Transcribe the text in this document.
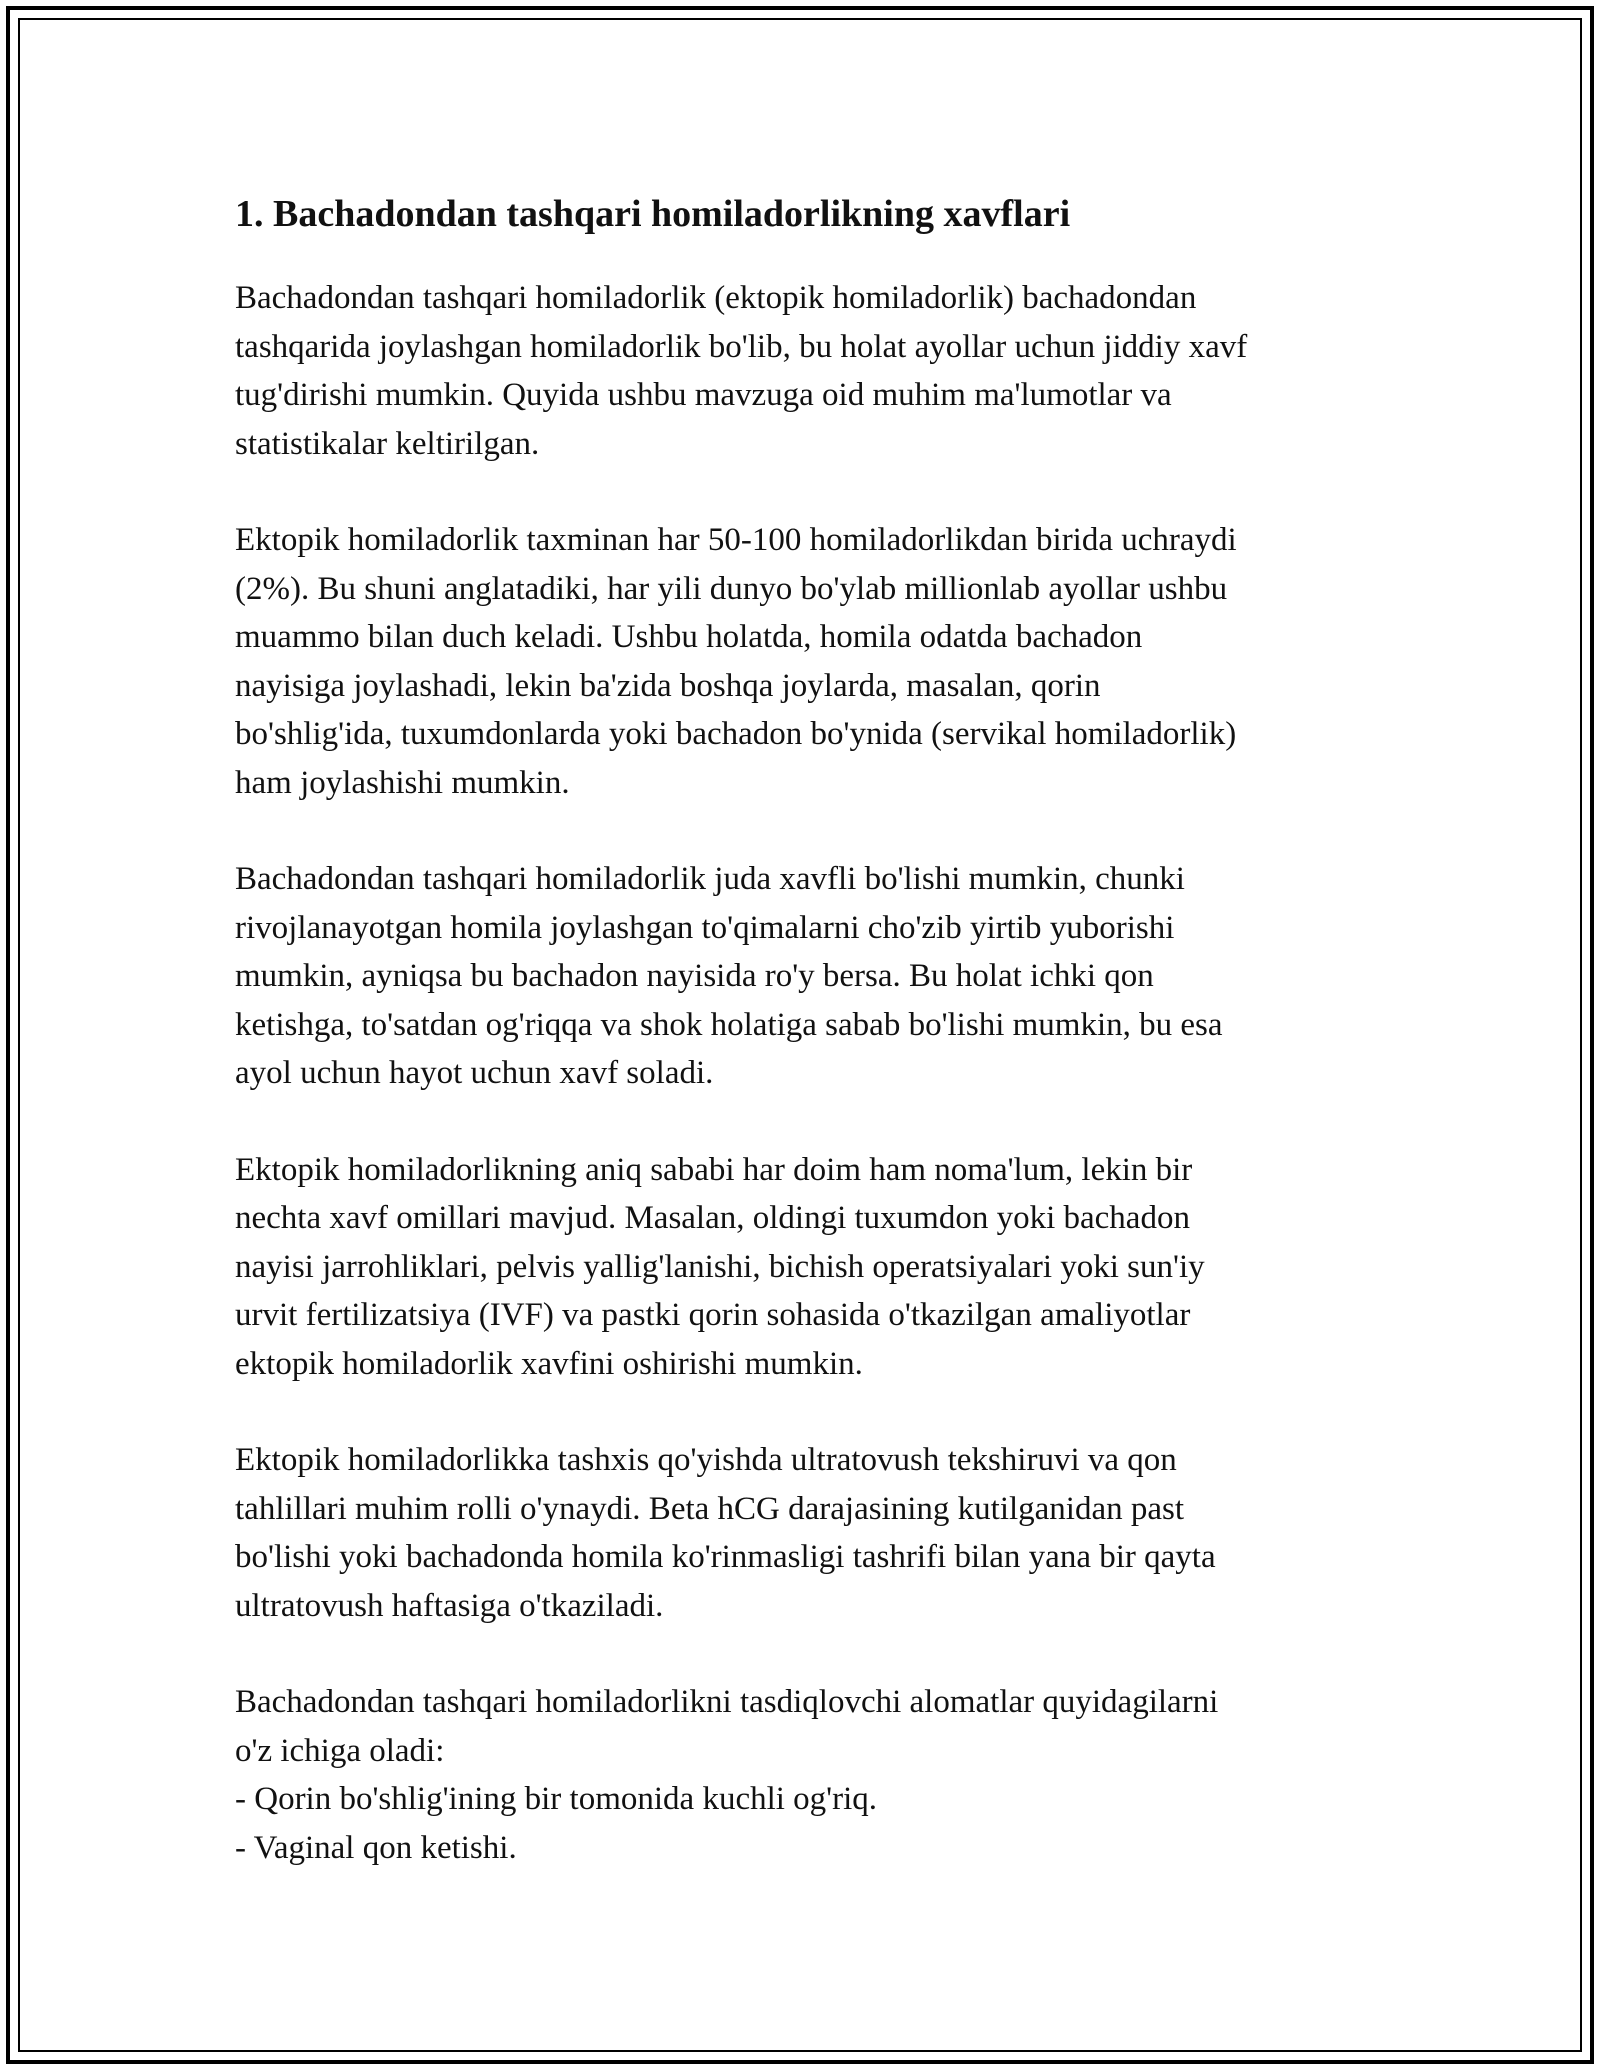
1. Bachadondan tashqari homiladorlikning xavflari

Bachadondan tashqari homiladorlik (ektopik homiladorlik) bachadondan
tashqarida joylashgan homiladorlik bo'lib, bu holat ayollar uchun jiddiy xavf
tug'dirishi mumkin. Quyida ushbu mavzuga oid muhim ma'lumotlar va
statistikalar keltirilgan.

Ektopik homiladorlik taxminan har 50-100 homiladorlikdan birida uchraydi
(2%). Bu shuni anglatadiki, har yili dunyo bo'ylab millionlab ayollar ushbu
muammo bilan duch keladi. Ushbu holatda, homila odatda bachadon
nayisiga joylashadi, lekin ba'zida boshqa joylarda, masalan, qorin
bo'shlig'ida, tuxumdonlarda yoki bachadon bo'ynida (servikal homiladorlik)
ham joylashishi mumkin.

Bachadondan tashqari homiladorlik juda xavfli bo'lishi mumkin, chunki
rivojlanayotgan homila joylashgan to'qimalarni cho'zib yirtib yuborishi
mumkin, ayniqsa bu bachadon nayisida ro'y bersa. Bu holat ichki qon
ketishga, to'satdan og'riqqa va shok holatiga sabab bo'lishi mumkin, bu esa
ayol uchun hayot uchun xavf soladi.

Ektopik homiladorlikning aniq sababi har doim ham noma'lum, lekin bir
nechta xavf omillari mavjud. Masalan, oldingi tuxumdon yoki bachadon
nayisi jarrohliklari, pelvis yallig'lanishi, bichish operatsiyalari yoki sun'iy
urvit fertilizatsiya (IVF) va pastki qorin sohasida o'tkazilgan amaliyotlar
ektopik homiladorlik xavfini oshirishi mumkin.

Ektopik homiladorlikka tashxis qo'yishda ultratovush tekshiruvi va qon
tahlillari muhim rolli o'ynaydi. Beta hCG darajasining kutilganidan past
bo'lishi yoki bachadonda homila ko'rinmasligi tashrifi bilan yana bir qayta
ultratovush haftasiga o'tkaziladi.

Bachadondan tashqari homiladorlikni tasdiqlovchi alomatlar quyidagilarni
o'z ichiga oladi:
- Qorin bo'shlig'ining bir tomonida kuchli og'riq.
- Vaginal qon ketishi.
